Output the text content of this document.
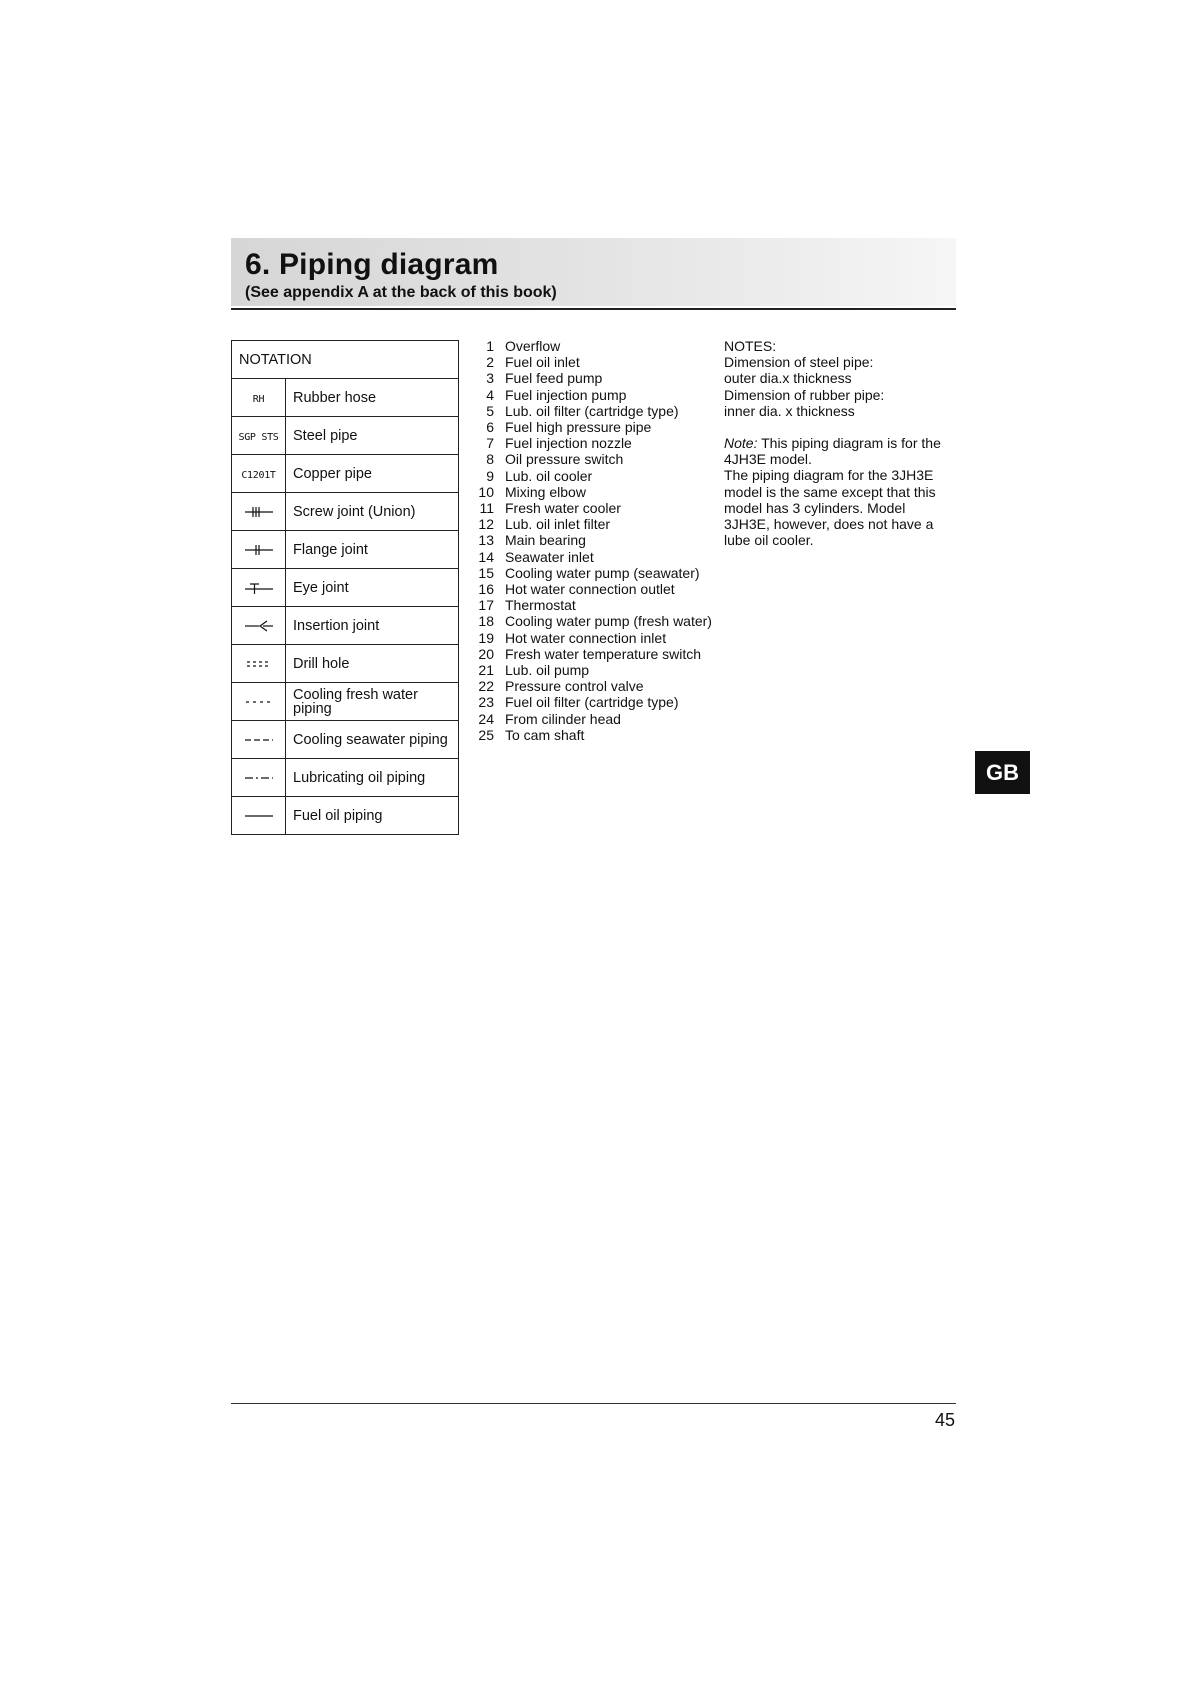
6. Piping diagram
(See appendix A at the back of this book)
NOTATION	
RH	Rubber hose
SGP STS	Steel pipe
C1201T	Copper pipe
	Screw joint (Union)
	Flange joint
	Eye joint
	Insertion joint
	Drill hole
	Cooling fresh water piping
	Cooling seawater piping
	Lubricating oil piping
	Fuel oil piping
1 Overflow
2 Fuel oil inlet
3 Fuel feed pump
4 Fuel injection pump
5 Lub. oil filter (cartridge type)
6 Fuel high pressure pipe
7 Fuel injection nozzle
8 Oil pressure switch
9 Lub. oil cooler
10 Mixing elbow
11 Fresh water cooler
12 Lub. oil inlet filter
13 Main bearing
14 Seawater inlet
15 Cooling water pump (seawater)
16 Hot water connection outlet
17 Thermostat
18 Cooling water pump (fresh water)
19 Hot water connection inlet
20 Fresh water temperature switch
21 Lub. oil pump
22 Pressure control valve
23 Fuel oil filter (cartridge type)
24 From cilinder head
25 To cam shaft

NOTES:

Dimension of steel pipe:

outer dia.x thickness

Dimension of rubber pipe:

inner dia. x thickness

Note: This piping diagram is for the 4JH3E model.

The piping diagram for the 3JH3E model is the same except that this model has 3 cylinders. Model 3JH3E, however, does not have a lube oil cooler.

GB
45
